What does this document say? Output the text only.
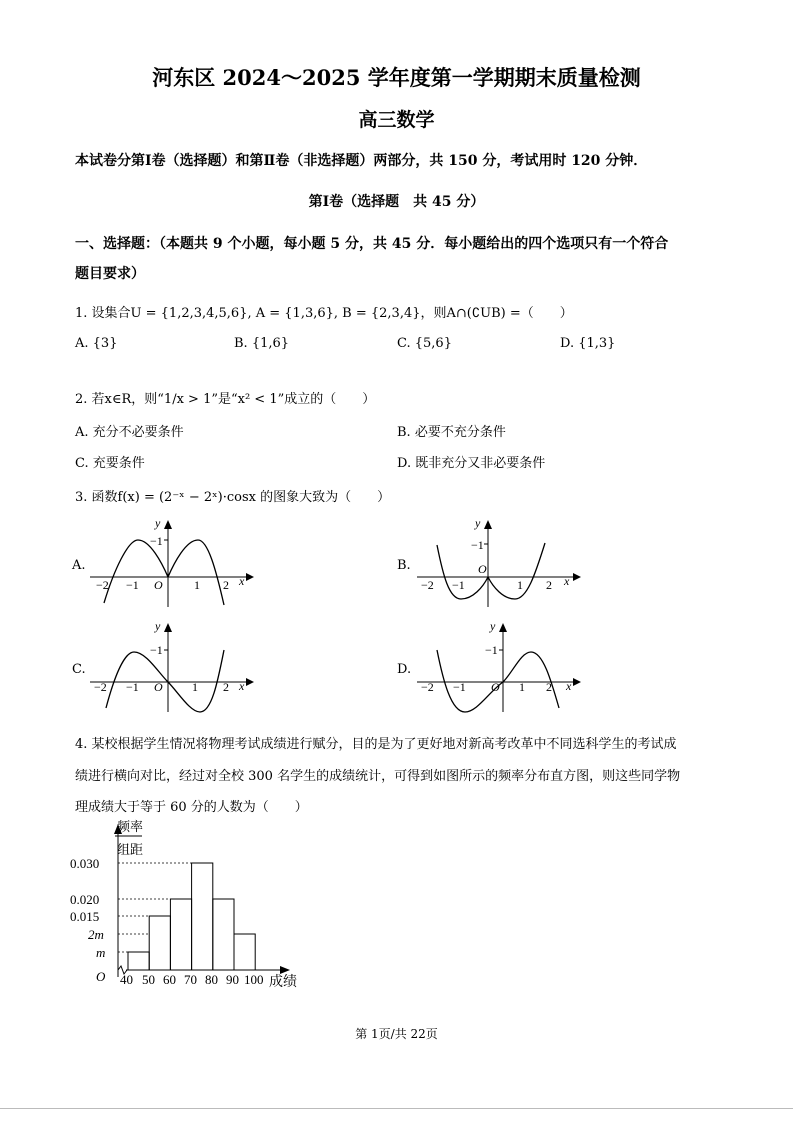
河东区 2024～2025 学年度第一学期期末质量检测
高三数学
本试卷分第Ⅰ卷（选择题）和第Ⅱ卷（非选择题）两部分，共 150 分，考试用时 120 分钟．
第Ⅰ卷（选择题　共 45 分）
一、选择题：（本题共 9 个小题，每小题 5 分，共 45 分．每小题给出的四个选项只有一个符合
题目要求）
1. 设集合U = {1,2,3,4,5,6}, A = {1,3,6}, B = {2,3,4}，则A∩(∁UB) =（　　）
A. {3}	B. {1,6}	C. {5,6}	D. {1,3}
2. 若x∈R，则“1/x > 1”是“x² < 1”成立的（　　）
A. 充分不必要条件	B. 必要不充分条件
C. 充要条件	D. 既非充分又非必要条件
3. 函数f(x) = (2⁻ˣ − 2ˣ)·cosx 的图象大致为（　　）
A.	B.
C.	D.
y
−1
−2 −1 O	1 2 x
y
−1
−2 −1
O
1 2 x
y
−1
−2 −1 O 1 2 x
y
−1
−2 −1 O 1 2 x
4. 某校根据学生情况将物理考试成绩进行赋分，目的是为了更好地对新高考改革中不同选科学生的考试成
绩进行横向对比，经过对全校 300 名学生的成绩统计，可得到如图所示的频率分布直方图，则这些同学物
理成绩大于等于 60 分的人数为（　　）
频率
组距
0.030
0.020
0.015
2m
m
O 40 50 60 70 80 90 100 成绩
第 1页/共 22页
